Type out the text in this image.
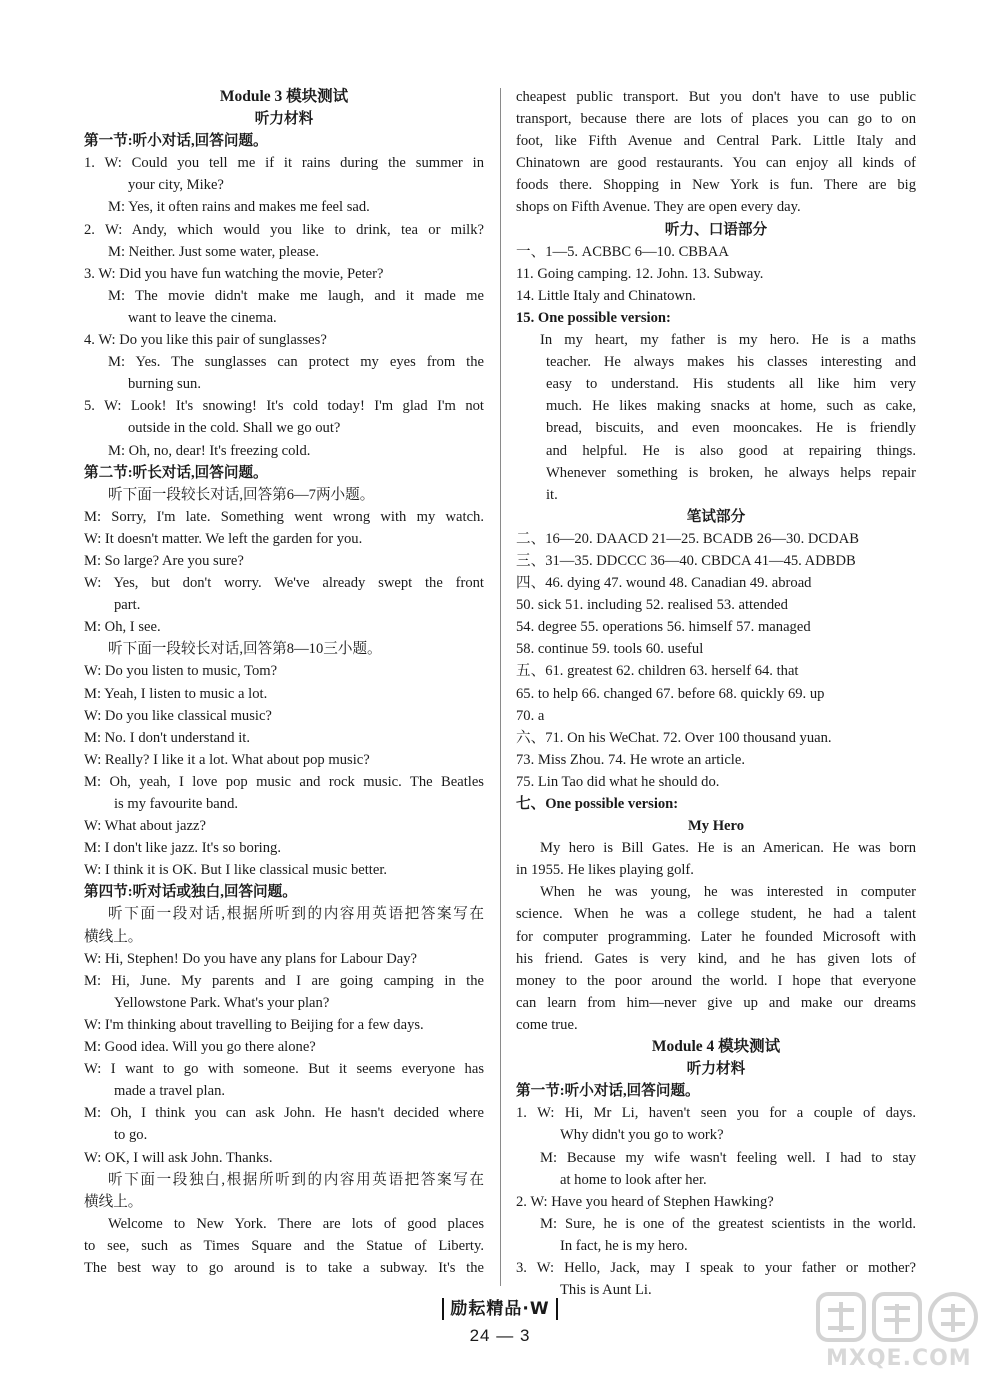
Module 3 模块测试
听力材料
第一节:听小对话,回答问题。
1. W: Could you tell me if it rains during the summer in
your city, Mike?
M: Yes, it often rains and makes me feel sad.
2. W: Andy, which would you like to drink, tea or milk?
M: Neither. Just some water, please.
3. W: Did you have fun watching the movie, Peter?
M: The movie didn't make me laugh, and it made me
want to leave the cinema.
4. W: Do you like this pair of sunglasses?
M: Yes. The sunglasses can protect my eyes from the
burning sun.
5. W: Look! It's snowing! It's cold today! I'm glad I'm not
outside in the cold. Shall we go out?
M: Oh, no, dear! It's freezing cold.
第二节:听长对话,回答问题。
听下面一段较长对话,回答第6—7两小题。
M: Sorry, I'm late. Something went wrong with my watch.
W: It doesn't matter. We left the garden for you.
M: So large? Are you sure?
W: Yes, but don't worry. We've already swept the front
part.
M: Oh, I see.
听下面一段较长对话,回答第8—10三小题。
W: Do you listen to music, Tom?
M: Yeah, I listen to music a lot.
W: Do you like classical music?
M: No. I don't understand it.
W: Really? I like it a lot. What about pop music?
M: Oh, yeah, I love pop music and rock music. The Beatles
is my favourite band.
W: What about jazz?
M: I don't like jazz. It's so boring.
W: I think it is OK. But I like classical music better.
第四节:听对话或独白,回答问题。
听下面一段对话,根据所听到的内容用英语把答案写在
横线上。
W: Hi, Stephen! Do you have any plans for Labour Day?
M: Hi, June. My parents and I are going camping in the
Yellowstone Park. What's your plan?
W: I'm thinking about travelling to Beijing for a few days.
M: Good idea. Will you go there alone?
W: I want to go with someone. But it seems everyone has
made a travel plan.
M: Oh, I think you can ask John. He hasn't decided where
to go.
W: OK, I will ask John. Thanks.
听下面一段独白,根据所听到的内容用英语把答案写在
横线上。
Welcome to New York. There are lots of good places
to see, such as Times Square and the Statue of Liberty.
The best way to go around is to take a subway. It's the
cheapest public transport. But you don't have to use public
transport, because there are lots of places you can go to on
foot, like Fifth Avenue and Central Park. Little Italy and
Chinatown are good restaurants. You can enjoy all kinds of
foods there. Shopping in New York is fun. There are big
shops on Fifth Avenue. They are open every day.
听力、口语部分
一、1—5. ACBBC 6—10. CBBAA
11. Going camping. 12. John. 13. Subway.
14. Little Italy and Chinatown.
15. One possible version:
In my heart, my father is my hero. He is a maths
teacher. He always makes his classes interesting and
easy to understand. His students all like him very
much. He likes making snacks at home, such as cake,
bread, biscuits, and even mooncakes. He is friendly
and helpful. He is also good at repairing things.
Whenever something is broken, he always helps repair
it.
笔试部分
二、16—20. DAACD 21—25. BCADB 26—30. DCDAB
三、31—35. DDCCC 36—40. CBDCA 41—45. ADBDB
四、46. dying 47. wound 48. Canadian 49. abroad
50. sick 51. including 52. realised 53. attended
54. degree 55. operations 56. himself 57. managed
58. continue 59. tools 60. useful
五、61. greatest 62. children 63. herself 64. that
65. to help 66. changed 67. before 68. quickly 69. up
70. a
六、71. On his WeChat. 72. Over 100 thousand yuan.
73. Miss Zhou. 74. He wrote an article.
75. Lin Tao did what he should do.
七、One possible version:
My Hero
My hero is Bill Gates. He is an American. He was born
in 1955. He likes playing golf.
When he was young, he was interested in computer
science. When he was a college student, he had a talent
for computer programming. Later he founded Microsoft with
his friend. Gates is very kind, and he has given lots of
money to the poor around the world. I hope that everyone
can learn from him—never give up and make our dreams
come true.
Module 4 模块测试
听力材料
第一节:听小对话,回答问题。
1. W: Hi, Mr Li, haven't seen you for a couple of days.
Why didn't you go to work?
M: Because my wife wasn't feeling well. I had to stay
at home to look after her.
2. W: Have you heard of Stephen Hawking?
M: Sure, he is one of the greatest scientists in the world.
In fact, he is my hero.
3. W: Hello, Jack, may I speak to your father or mother?
This is Aunt Li.
励耘精品·W
24 — 3
MXQE.COM
